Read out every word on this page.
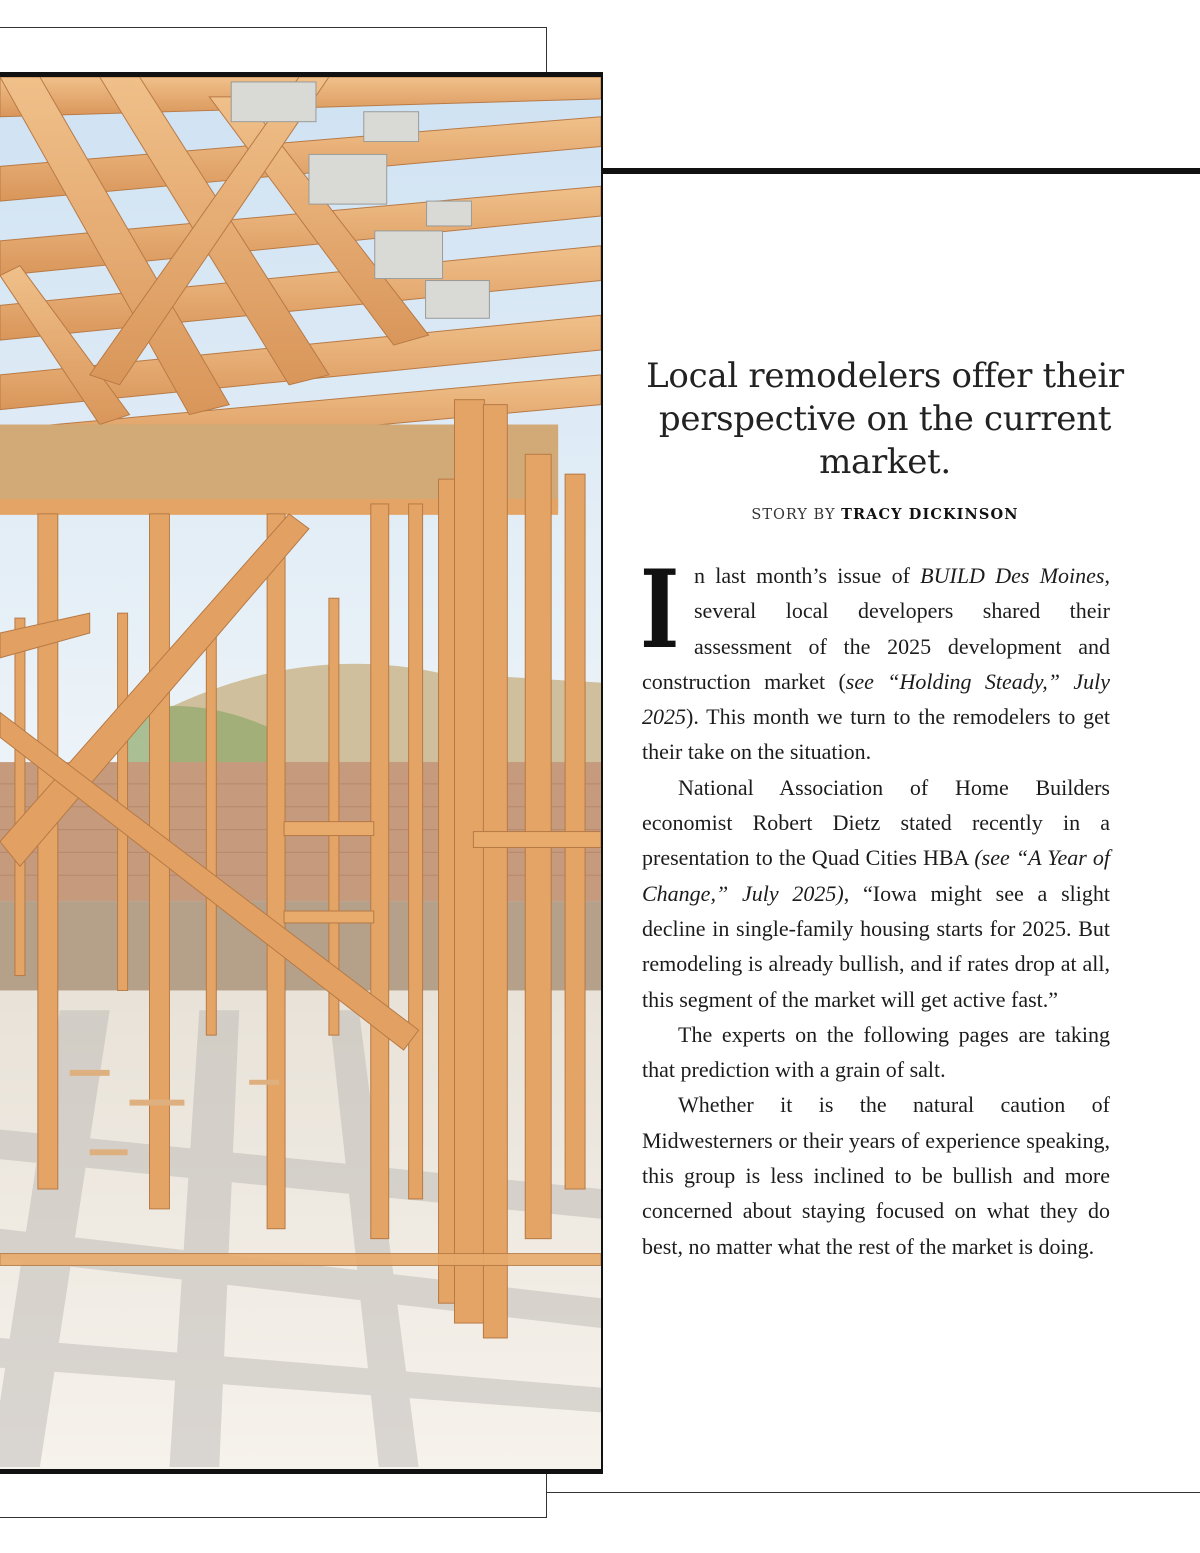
Local remodelers offer their perspective on the current market.
STORY BY TRACY DICKINSON

In last month’s issue of BUILD Des Moines, several local developers shared their assessment of the 2025 development and construction market (see “Holding Steady,” July 2025). This month we turn to the remodelers to get their take on the situation.

National Association of Home Builders economist Robert Dietz stated recently in a presentation to the Quad Cities HBA (see “A Year of Change,” July 2025), “Iowa might see a slight decline in single-family housing starts for 2025. But remodeling is already bullish, and if rates drop at all, this segment of the market will get active fast.”

The experts on the following pages are taking that prediction with a grain of salt.

Whether it is the natural caution of Midwesterners or their years of experience speaking, this group is less inclined to be bullish and more concerned about staying focused on what they do best, no matter what the rest of the market is doing.
